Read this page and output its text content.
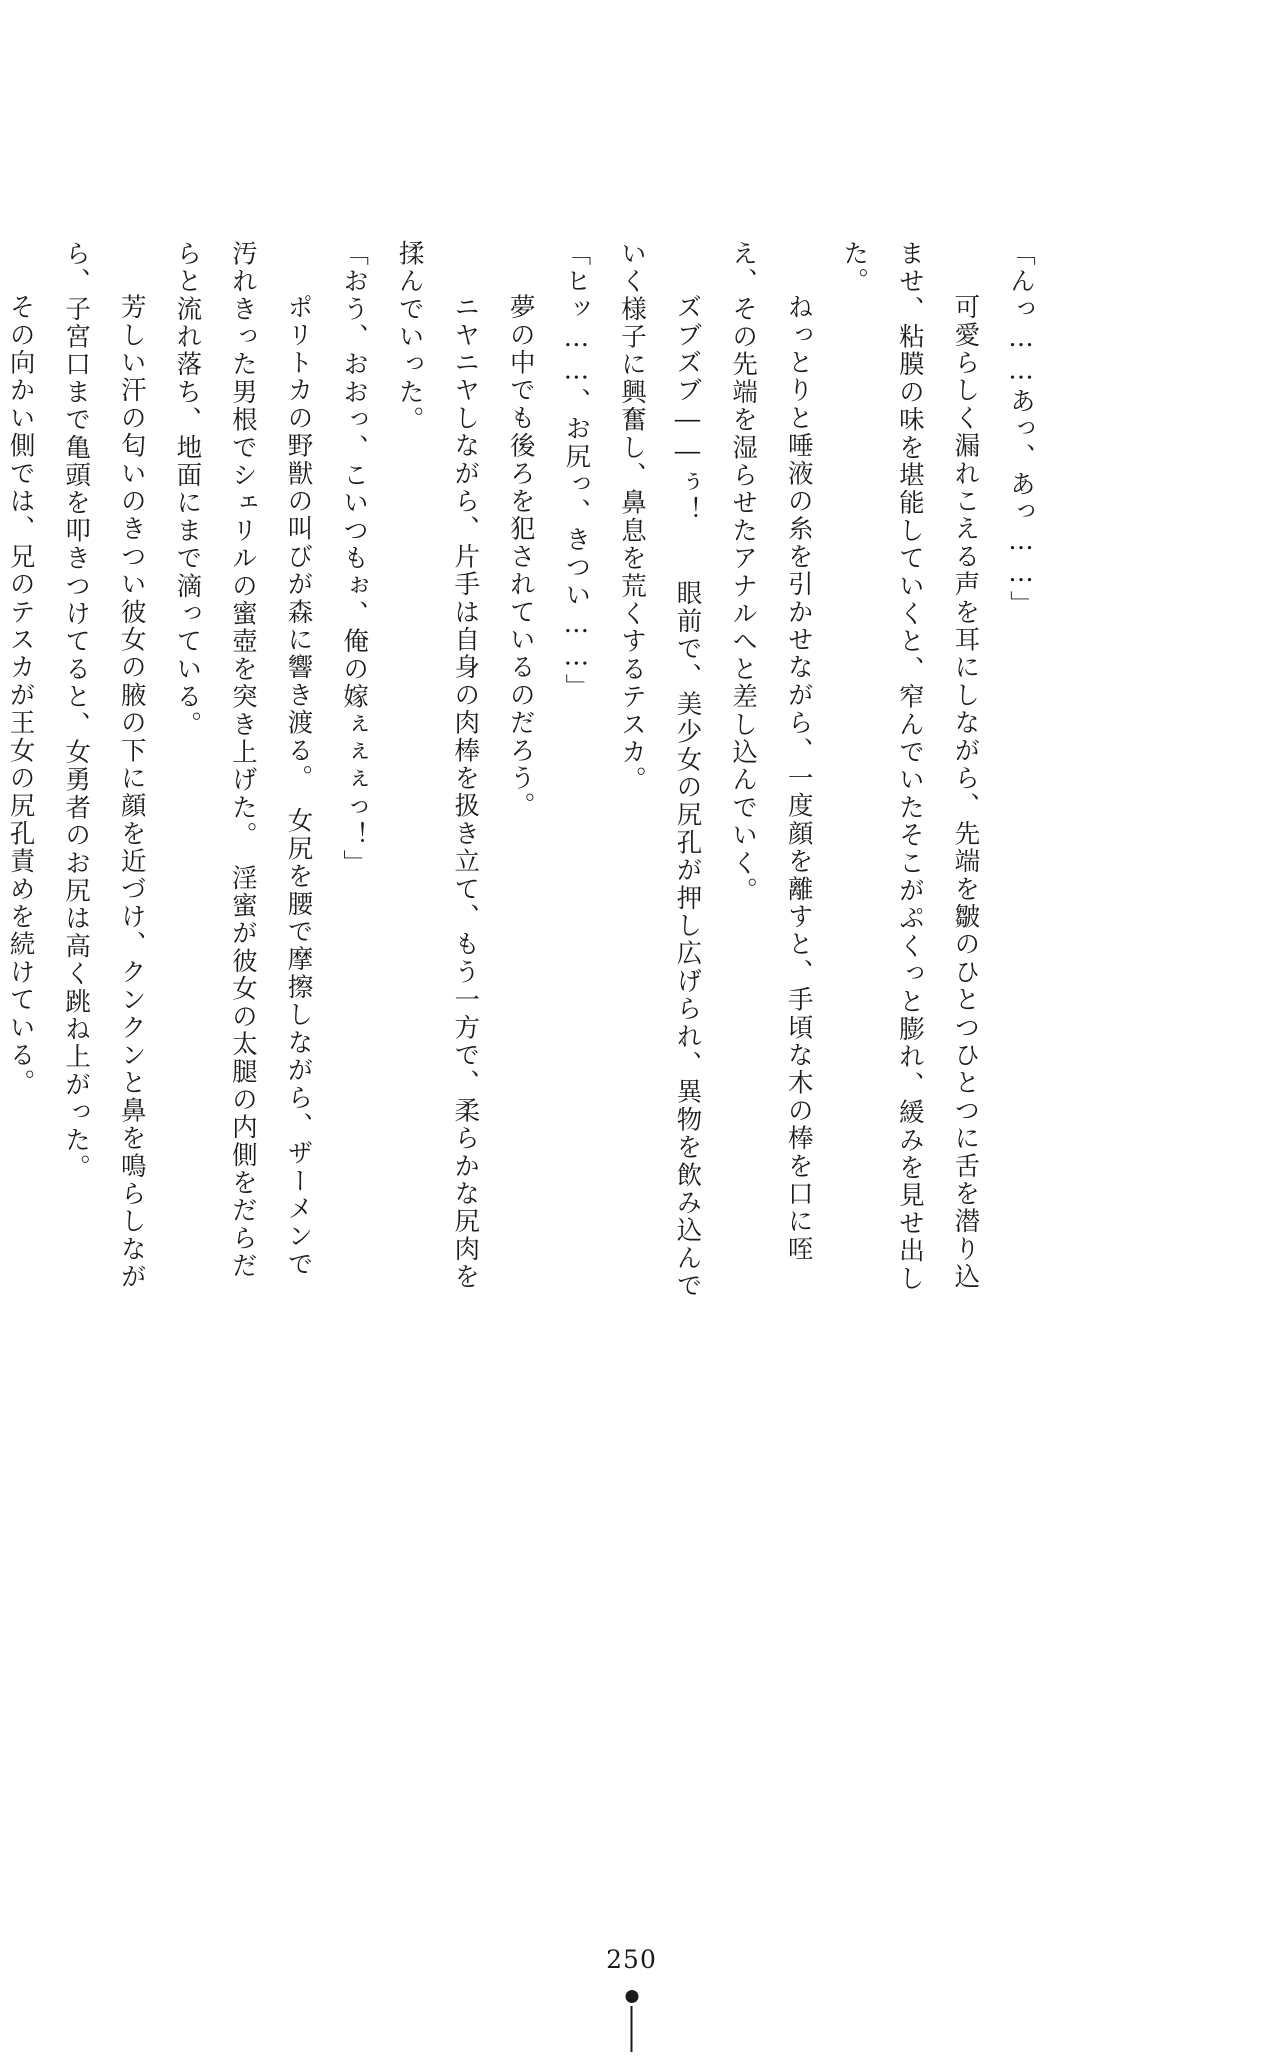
「んっ……あっ、あっ……」

　可愛らしく漏れこえる声を耳にしながら、先端を皺のひとつひとつに舌を潜り込ませ、粘膜の味を堪能していくと、窄んでいたそこがぷくっと膨れ、緩みを見せ出した。

　ねっとりと唾液の糸を引かせながら、一度顔を離すと、手頃な木の棒を口に咥え、その先端を湿らせたアナルへと差し込んでいく。

　ズブズブ――ぅ！　　眼前で、美少女の尻孔が押し広げられ、異物を飲み込んでいく様子に興奮し、鼻息を荒くするテスカ。

「ヒッ……、お尻っ、きつい……」

　夢の中でも後ろを犯されているのだろう。

　ニヤニヤしながら、片手は自身の肉棒を扱き立て、もう一方で、柔らかな尻肉を揉んでいった。

「おう、おおっ、こいつもぉ、俺の嫁ぇぇぇっ！」

　ポリトカの野獣の叫びが森に響き渡る。　女尻を腰で摩擦しながら、ザーメンで汚れきった男根でシェリルの蜜壺を突き上げた。　淫蜜が彼女の太腿の内側をだらだらと流れ落ち、地面にまで滴っている。

　芳しい汗の匂いのきつい彼女の腋の下に顔を近づけ、クンクンと鼻を鳴らしながら、子宮口まで亀頭を叩きつけてると、女勇者のお尻は高く跳ね上がった。

　その向かい側では、兄のテスカが王女の尻孔責めを続けている。

250
